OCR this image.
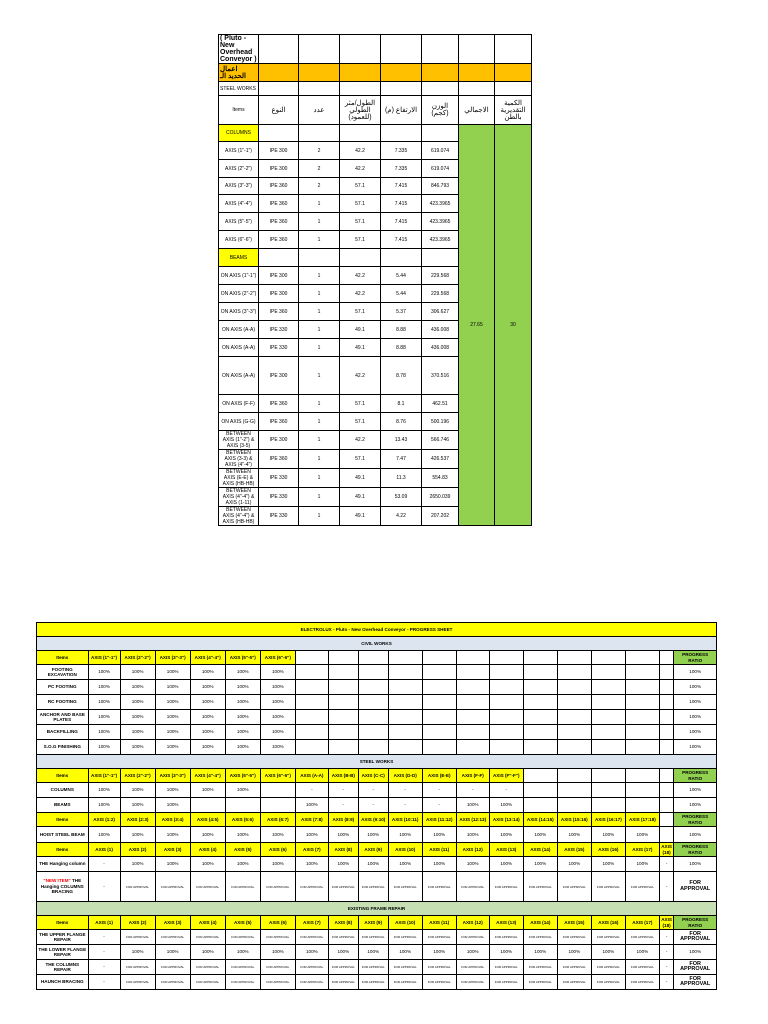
( Pluto - New Overhead Conveyor )							
اعمال الحديد الـ							
STEEL WORKS							
Items	النوع	عدد	الطول/مثر الطولي (للعمود)	الارتفاع (م)	الوزن (كجم)	الاجمالي	الكمية التقديرية بالطن
COLUMNS						27.65	30
AXIS (1"-1")	IPE 300	2	42.2	7.335	619.074		
AXIS (2"-2")	IPE 300	2	42.2	7.335	619.074		
AXIS (3"-3")	IPE 360	2	57.1	7.415	846.793		
AXIS (4"-4")	IPE 360	1	57.1	7.415	423.3965		
AXIS (5"-5")	IPE 360	1	57.1	7.415	423.3965		
AXIS (6"-6")	IPE 360	1	57.1	7.415	423.3965		
BEAMS							
ON AXIS (1"-1")	IPE 300	1	42.2	5.44	229.568		
ON AXIS (2"-2")	IPE 300	1	42.2	5.44	229.568		
ON AXIS (3"-3")	IPE 360	1	57.1	5.37	306.627		
ON AXIS (A-A)	IPE 330	1	49.1	8.88	436.008		
ON AXIS (A-A)	IPE 330	1	49.1	8.88	436.008		
ON AXIS (A-A)	IPE 300	1	42.2	8.78	370.516		
ON AXIS (F-F)	IPE 360	1	57.1	8.1	462.51		
ON AXIS (G-G)	IPE 360	1	57.1	8.76	500.196		
BETWEEN AXIS (1"-2") & AXIS (3-5)	IPE 300	1	42.2	13.43	566.746		
BETWEEN AXIS (3-3) & AXIS (4"-4")	IPE 360	1	57.1	7.47	426.537		
BETWEEN AXIS (E-E) & AXIS (HB-HB)	IPE 330	1	49.1	11.3	554.83		
BETWEEN AXIS (4"-4") & AXIS (1-11)	IPE 330	1	49.1	53.09	2650.039		
BETWEEN AXIS (4"-4") & AXIS (HB-HB)	IPE 330	1	49.1	4.22	207.202		
ELECTROLUX - Pluto - New Overhead Conveyor - PROGRESS SHEET																			
CIVIL WORKS																			
Items	AXIS (1"-1")	AXIS (2"-2")	AXIS (3"-3")	AXIS (4"-4")	AXIS (5"-5")	AXIS (6"-6")													PROGRESS RATIO
FOOTING EXCAVATION	100%	100%	100%	100%	100%	100%													100%
PC FOOTING	100%	100%	100%	100%	100%	100%													100%
RC FOOTING	100%	100%	100%	100%	100%	100%													100%
ANCHOR AND BASE PLATES	100%	100%	100%	100%	100%	100%													100%
BACKFILLING	100%	100%	100%	100%	100%	100%													100%
S.O.G FINISHING	100%	100%	100%	100%	100%	100%													100%
STEEL WORKS																			
Items	AXIS (1"-1")	AXIS (2"-2")	AXIS (3"-3")	AXIS (4"-4")	AXIS (5"-5")	AXIS (6"-6")	AXIS (A-A)	AXIS (B-B)	AXIS (C-C)	AXIS (D-D)	AXIS (E-E)	AXIS (F-F)	AXIS (F"-F")						PROGRESS RATIO
COLUMNS	100%	100%	100%	100%	100%		-	-	-	-	-	-	-						100%
BEAMS	100%	100%	100%				100%	-	-	-	-	100%	100%						100%
Items	AXIS (1:2)	AXIS (2:3)	AXIS (3:4)	AXIS (4:5)	AXIS (5:6)	AXIS (6:7)	AXIS (7:8)	AXIS (8:9)	AXIS (9:10)	AXIS (10:11)	AXIS (11:12)	AXIS (12:13)	AXIS (13:14)	AXIS (14:15)	AXIS (15:16)	AXIS (16:17)	AXIS (17:18)		PROGRESS RATIO
HOIST STEEL BEAM	100%	100%	100%	100%	100%	100%	100%	100%	100%	100%	100%	100%	100%	100%	100%	100%	100%		100%
Items	AXIS (1)	AXIS (2)	AXIS (3)	AXIS (4)	AXIS (5)	AXIS (6)	AXIS (7)	AXIS (8)	AXIS (9)	AXIS (10)	AXIS (11)	AXIS (12)	AXIS (13)	AXIS (14)	AXIS (15)	AXIS (16)	AXIS (17)	AXIS (18)	PROGRESS RATIO
THE Hanging column	-	100%	100%	100%	100%	100%	100%	100%	100%	100%	100%	100%	100%	100%	100%	100%	100%	-	100%
"NEW ITEM" THE Hanging COLUMNS BRACING	-	FOR APPROVAL	FOR APPROVAL	FOR APPROVAL	FOR APPROVAL	FOR APPROVAL	FOR APPROVAL	FOR APPROVAL	FOR APPROVAL	FOR APPROVAL	FOR APPROVAL	FOR APPROVAL	FOR APPROVAL	FOR APPROVAL	FOR APPROVAL	FOR APPROVAL	FOR APPROVAL	-	FOR APPROVAL
EXISTING FRAME REPAIR																			
Items	AXIS (1)	AXIS (2)	AXIS (3)	AXIS (4)	AXIS (5)	AXIS (6)	AXIS (7)	AXIS (8)	AXIS (9)	AXIS (10)	AXIS (11)	AXIS (12)	AXIS (13)	AXIS (14)	AXIS (15)	AXIS (16)	AXIS (17)	AXIS (18)	PROGRESS RATIO
THE UPPER FLANGE REPAIR	-	FOR APPROVAL	FOR APPROVAL	FOR APPROVAL	FOR APPROVAL	FOR APPROVAL	FOR APPROVAL	FOR APPROVAL	FOR APPROVAL	FOR APPROVAL	FOR APPROVAL	FOR APPROVAL	FOR APPROVAL	FOR APPROVAL	FOR APPROVAL	FOR APPROVAL	FOR APPROVAL	-	FOR APPROVAL
THE LOWER FLANGE REPAIR	-	100%	100%	100%	100%	100%	100%	100%	100%	100%	100%	100%	100%	100%	100%	100%	100%	-	100%
THE COLUMNS REPAIR	-	FOR APPROVAL	FOR APPROVAL	FOR APPROVAL	FOR APPROVAL	FOR APPROVAL	FOR APPROVAL	FOR APPROVAL	FOR APPROVAL	FOR APPROVAL	FOR APPROVAL	FOR APPROVAL	FOR APPROVAL	FOR APPROVAL	FOR APPROVAL	FOR APPROVAL	FOR APPROVAL	-	FOR APPROVAL
HAUNCH BRACING	-	FOR APPROVAL	FOR APPROVAL	FOR APPROVAL	FOR APPROVAL	FOR APPROVAL	FOR APPROVAL	FOR APPROVAL	FOR APPROVAL	FOR APPROVAL	FOR APPROVAL	FOR APPROVAL	FOR APPROVAL	FOR APPROVAL	FOR APPROVAL	FOR APPROVAL	FOR APPROVAL	-	FOR APPROVAL
